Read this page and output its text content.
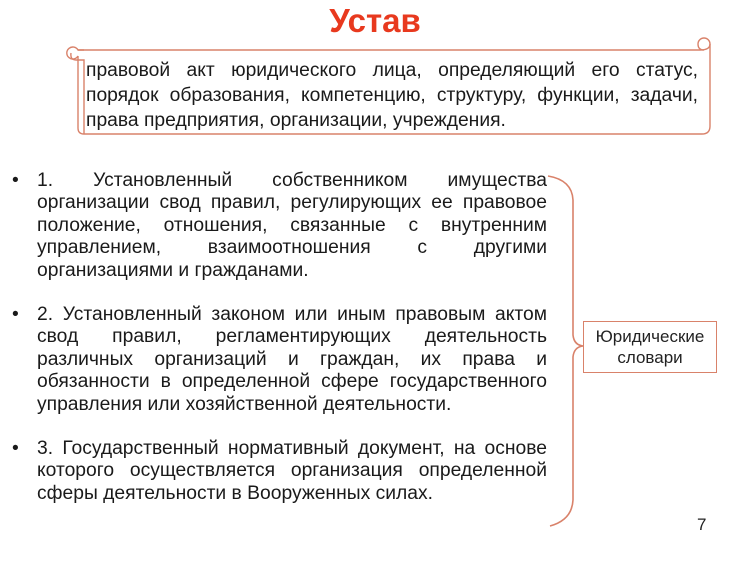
Устав
правовой акт юридического лица, определяющий его статус, порядок образования, компетенцию, структуру, функции, задачи, права предприятия, организации, учреждения.
• 1. Установленный собственником имущества организации свод правил, регулирующих ее правовое положение, отношения, связанные с внутренним управлением, взаимоотношения с другими организациями и гражданами.
• 2. Установленный законом или иным правовым актом свод правил, регламентирующих деятельность различных организаций и граждан, их права и обязанности в определенной сфере государственного управления или хозяйственной деятельности.
• 3. Государственный нормативный документ, на основе которого осуществляется организация определенной сферы деятельности в Вооруженных силах.
Юридические
словари
7
